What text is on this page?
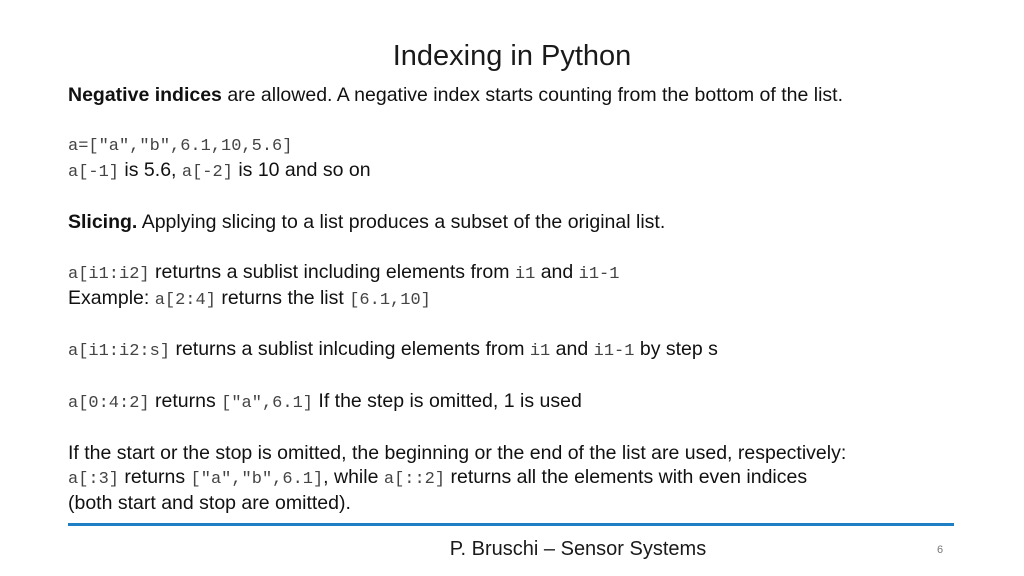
Indexing in Python
Negative indices are allowed. A negative index starts counting from the bottom of the list.
a=["a","b",6.1,10,5.6]
a[-1] is 5.6, a[-2] is 10 and so on
Slicing. Applying slicing to a list produces a subset of the original list.
a[i1:i2] returtns a sublist including elements from i1 and i1-1
Example: a[2:4] returns the list [6.1,10]
a[i1:i2:s] returns a sublist inlcuding elements from i1 and i1-1 by step s
a[0:4:2] returns ["a",6.1] If the step is omitted, 1 is used
If the start or the stop is omitted, the beginning or the end of the list are used, respectively:
a[:3] returns ["a","b",6.1], while a[::2] returns all the elements with even indices
(both start and stop are omitted).
P. Bruschi – Sensor Systems	6
